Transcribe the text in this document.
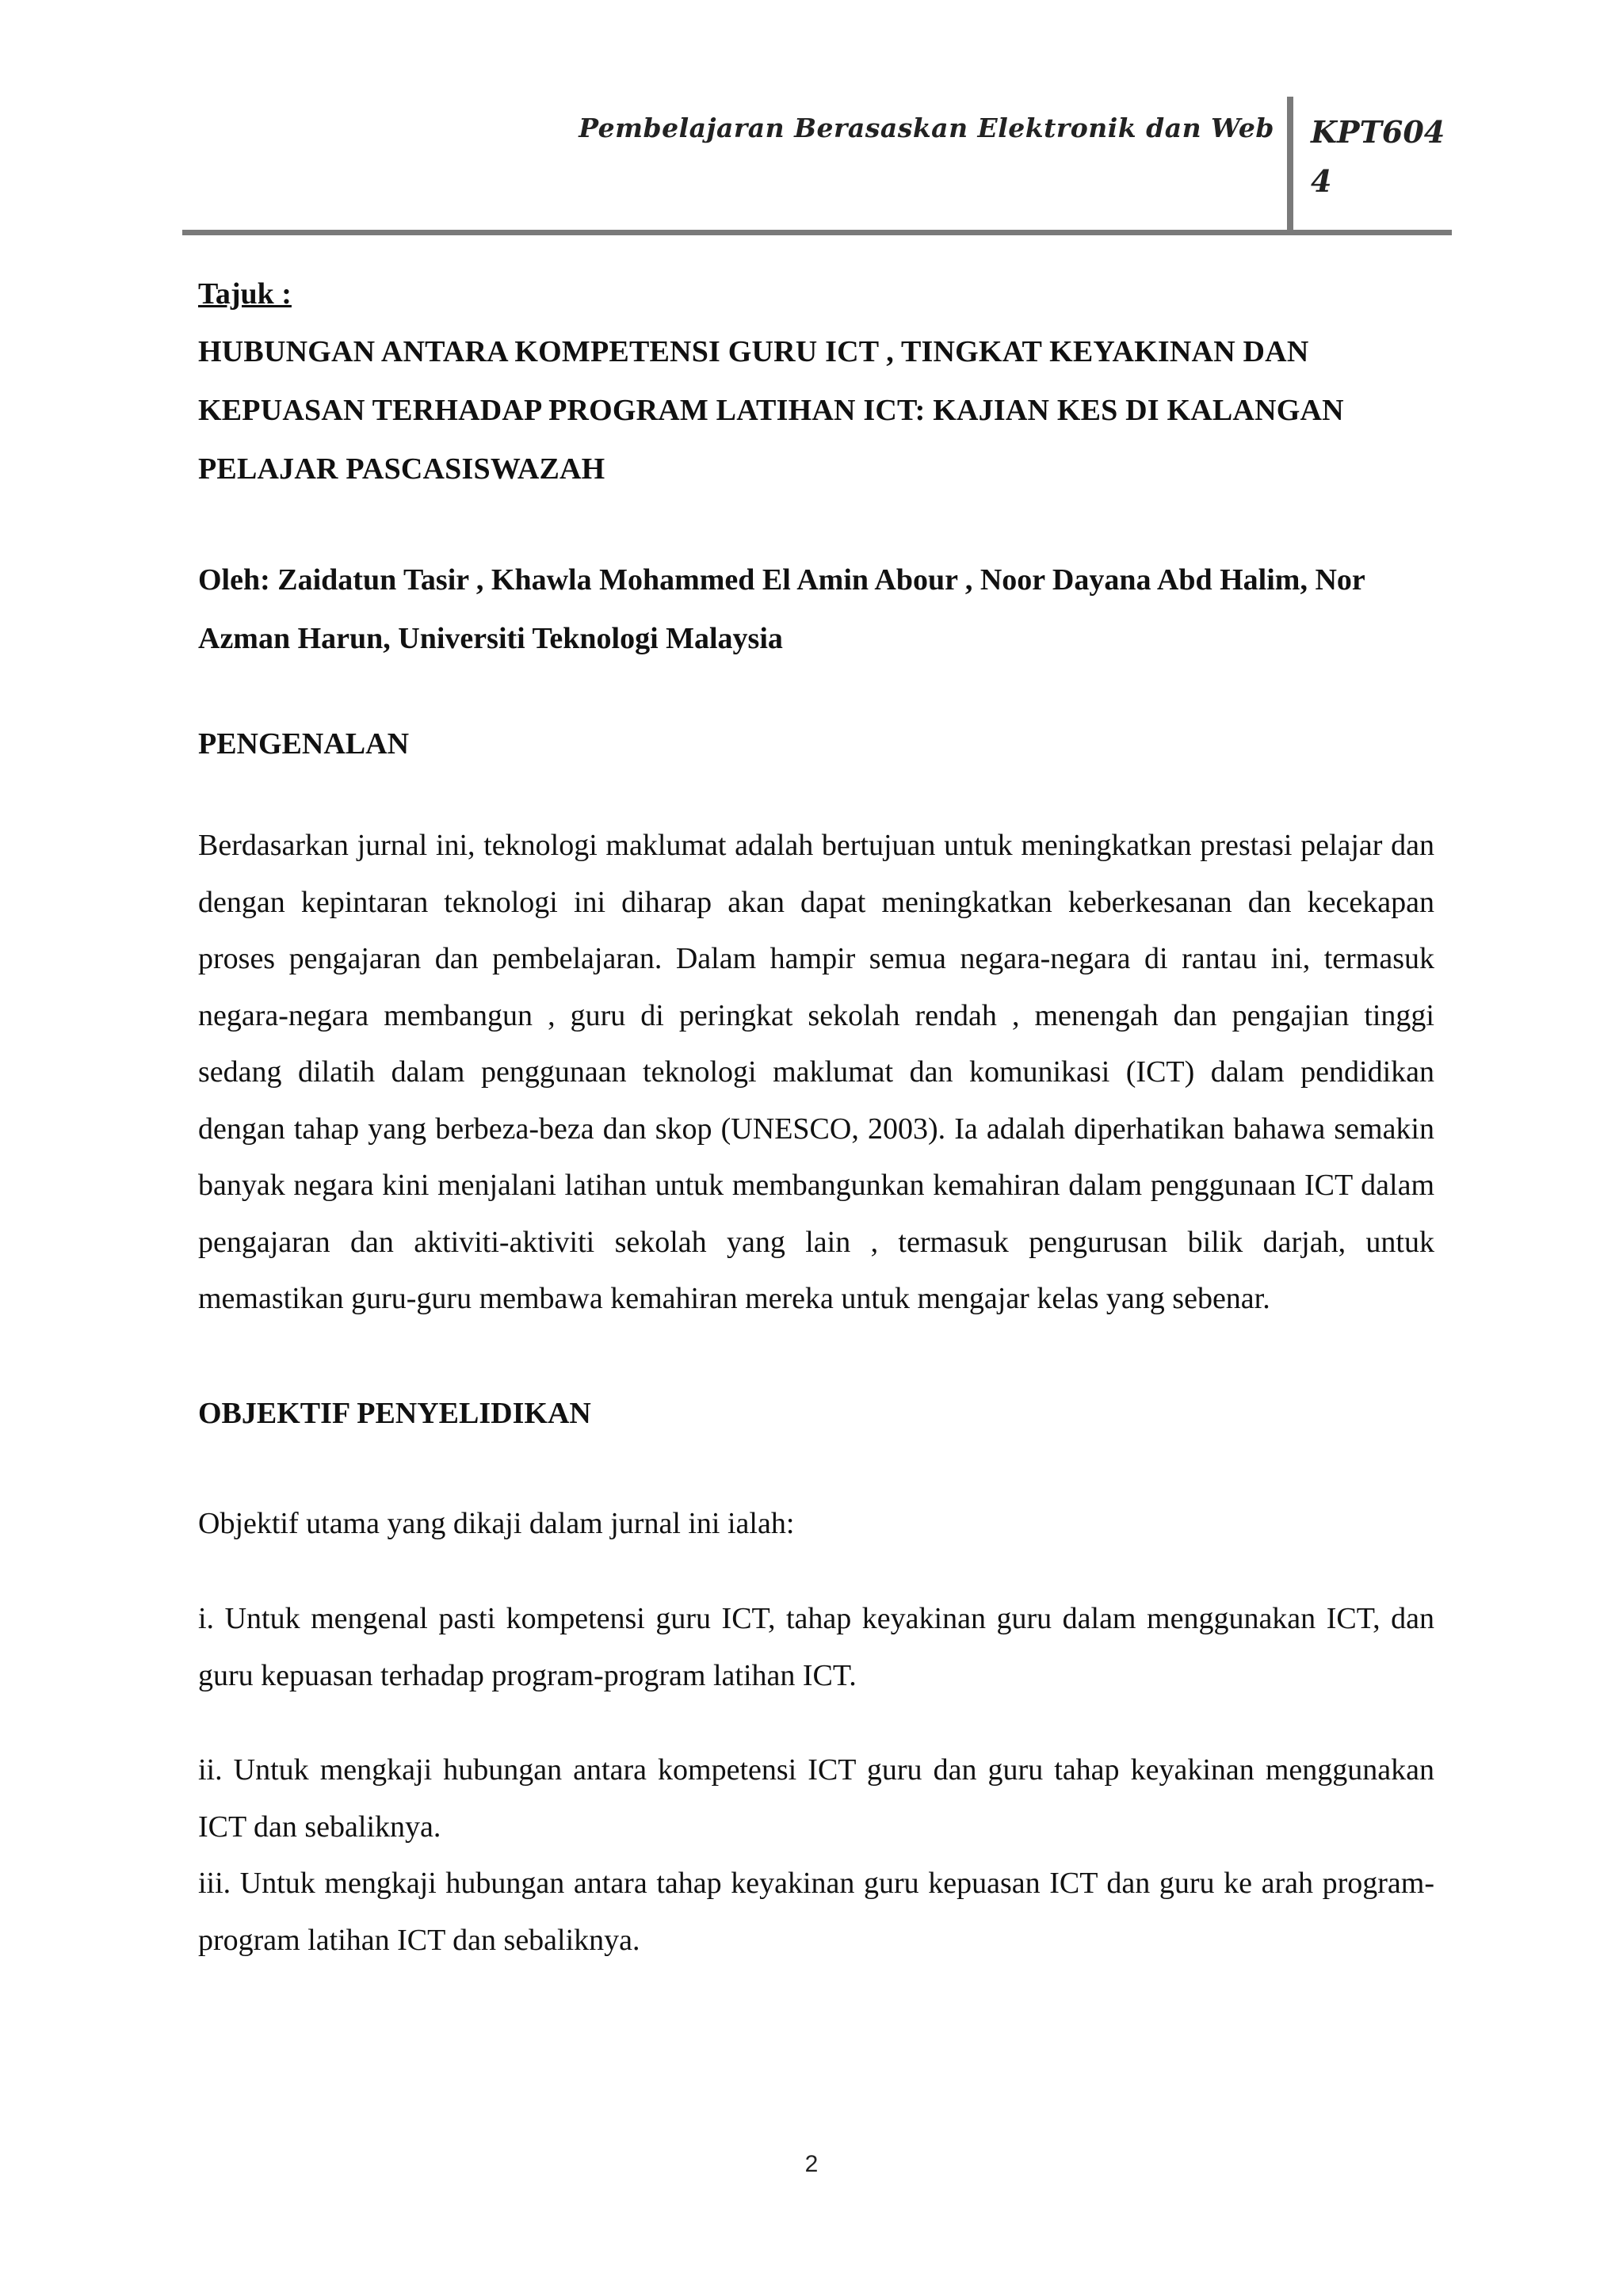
Pembelajaran Berasaskan Elektronik dan Web KPT6044
Tajuk :
HUBUNGAN ANTARA KOMPETENSI GURU ICT , TINGKAT KEYAKINAN DAN KEPUASAN TERHADAP PROGRAM LATIHAN ICT: KAJIAN KES DI KALANGAN PELAJAR PASCASISWAZAH

Oleh: Zaidatun Tasir , Khawla Mohammed El Amin Abour , Noor Dayana Abd Halim, Nor Azman Harun, Universiti Teknologi Malaysia

PENGENALAN

Berdasarkan jurnal ini, teknologi maklumat adalah bertujuan untuk meningkatkan prestasi pelajar dan dengan kepintaran teknologi ini diharap akan dapat meningkatkan keberkesanan dan kecekapan proses pengajaran dan pembelajaran. Dalam hampir semua negara-negara di rantau ini, termasuk negara-negara membangun , guru di peringkat sekolah rendah , menengah dan pengajian tinggi sedang dilatih dalam penggunaan teknologi maklumat dan komunikasi (ICT) dalam pendidikan dengan tahap yang berbeza-beza dan skop (UNESCO, 2003). Ia adalah diperhatikan bahawa semakin banyak negara kini menjalani latihan untuk membangunkan kemahiran dalam penggunaan ICT dalam pengajaran dan aktiviti-aktiviti sekolah yang lain , termasuk pengurusan bilik darjah, untuk memastikan guru-guru membawa kemahiran mereka untuk mengajar kelas yang sebenar.

OBJEKTIF PENYELIDIKAN

Objektif utama yang dikaji dalam jurnal ini ialah:

i. Untuk mengenal pasti kompetensi guru ICT, tahap keyakinan guru dalam menggunakan ICT, dan guru kepuasan terhadap program-program latihan ICT.

ii. Untuk mengkaji hubungan antara kompetensi ICT guru dan guru tahap keyakinan menggunakan ICT dan sebaliknya.

iii. Untuk mengkaji hubungan antara tahap keyakinan guru kepuasan ICT dan guru ke arah program-program latihan ICT dan sebaliknya.

2
